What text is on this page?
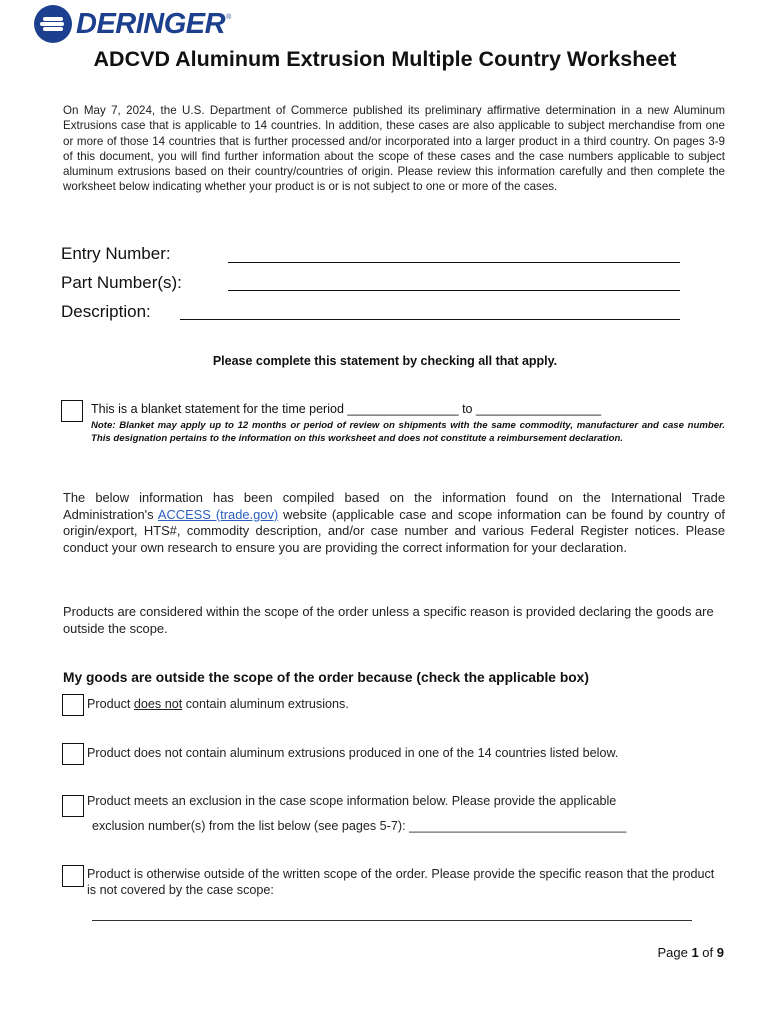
DERINGER ®
ADCVD Aluminum Extrusion Multiple Country Worksheet
On May 7, 2024, the U.S. Department of Commerce published its preliminary affirmative determination in a new Aluminum Extrusions case that is applicable to 14 countries. In addition, these cases are also applicable to subject merchandise from one or more of those 14 countries that is further processed and/or incorporated into a larger product in a third country. On pages 3-9 of this document, you will find further information about the scope of these cases and the case numbers applicable to subject aluminum extrusions based on their country/countries of origin. Please review this information carefully and then complete the worksheet below indicating whether your product is or is not subject to one or more of the cases.
Entry Number:
Part Number(s):
Description:
Please complete this statement by checking all that apply.
This is a blanket statement for the time period ________________ to __________________
Note: Blanket may apply up to 12 months or period of review on shipments with the same commodity, manufacturer and case number. This designation pertains to the information on this worksheet and does not constitute a reimbursement declaration.
The below information has been compiled based on the information found on the International Trade Administration's ACCESS (trade.gov) website (applicable case and scope information can be found by country of origin/export, HTS#, commodity description, and/or case number and various Federal Register notices. Please conduct your own research to ensure you are providing the correct information for your declaration.
Products are considered within the scope of the order unless a specific reason is provided declaring the goods are outside the scope.
My goods are outside the scope of the order because (check the applicable box)
Product does not contain aluminum extrusions.
Product does not contain aluminum extrusions produced in one of the 14 countries listed below.
Product meets an exclusion in the case scope information below. Please provide the applicable
exclusion number(s) from the list below (see pages 5-7): _______________________________
Product is otherwise outside of the written scope of the order. Please provide the specific reason that the product is not covered by the case scope:
Page 1 of 9
